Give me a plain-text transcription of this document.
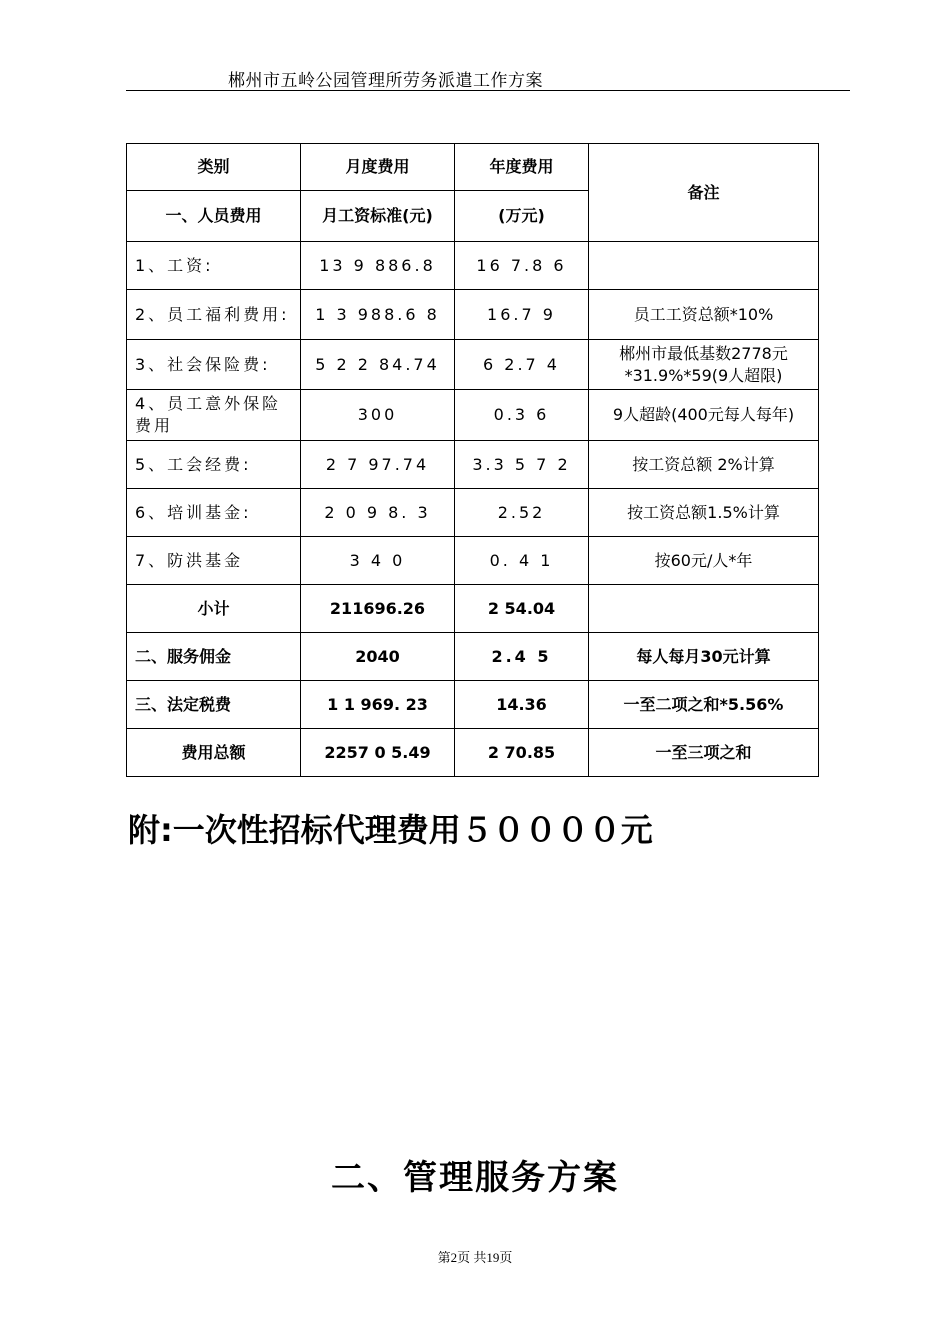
郴州市五岭公园管理所劳务派遣工作方案
类别	月度费用	年度费用	备注
一、人员费用	月工资标准(元)	(万元)	
1、工资:	13 9 886.8	16 7.8 6	
2、员工福利费用:	1 3 988.6 8	16.7 9	员工工资总额*10%
3、社会保险费:	5 2 2 84.74	6 2.7 4	郴州市最低基数2778元*31.9%*59(9人超限)
4、员工意外保险费用	300	0.3 6	9人超龄(400元每人每年)
5、工会经费:	2 7 97.74	3.3 5 7 2	按工资总额 2%计算
6、培训基金:	2 0 9 8. 3	2.52	按工资总额1.5%计算
7、防洪基金	3 4 0	0. 4 1	按60元/人*年
小计	211696.26	2 54.04	
二、服务佣金	2040	2.4 5	每人每月30元计算
三、法定税费	1 1 969. 23	14.36	一至二项之和*5.56%
费用总额	2257 0 5.49	2 70.85	一至三项之和
附:一次性招标代理费用５００００元
二、管理服务方案
第2页 共19页
